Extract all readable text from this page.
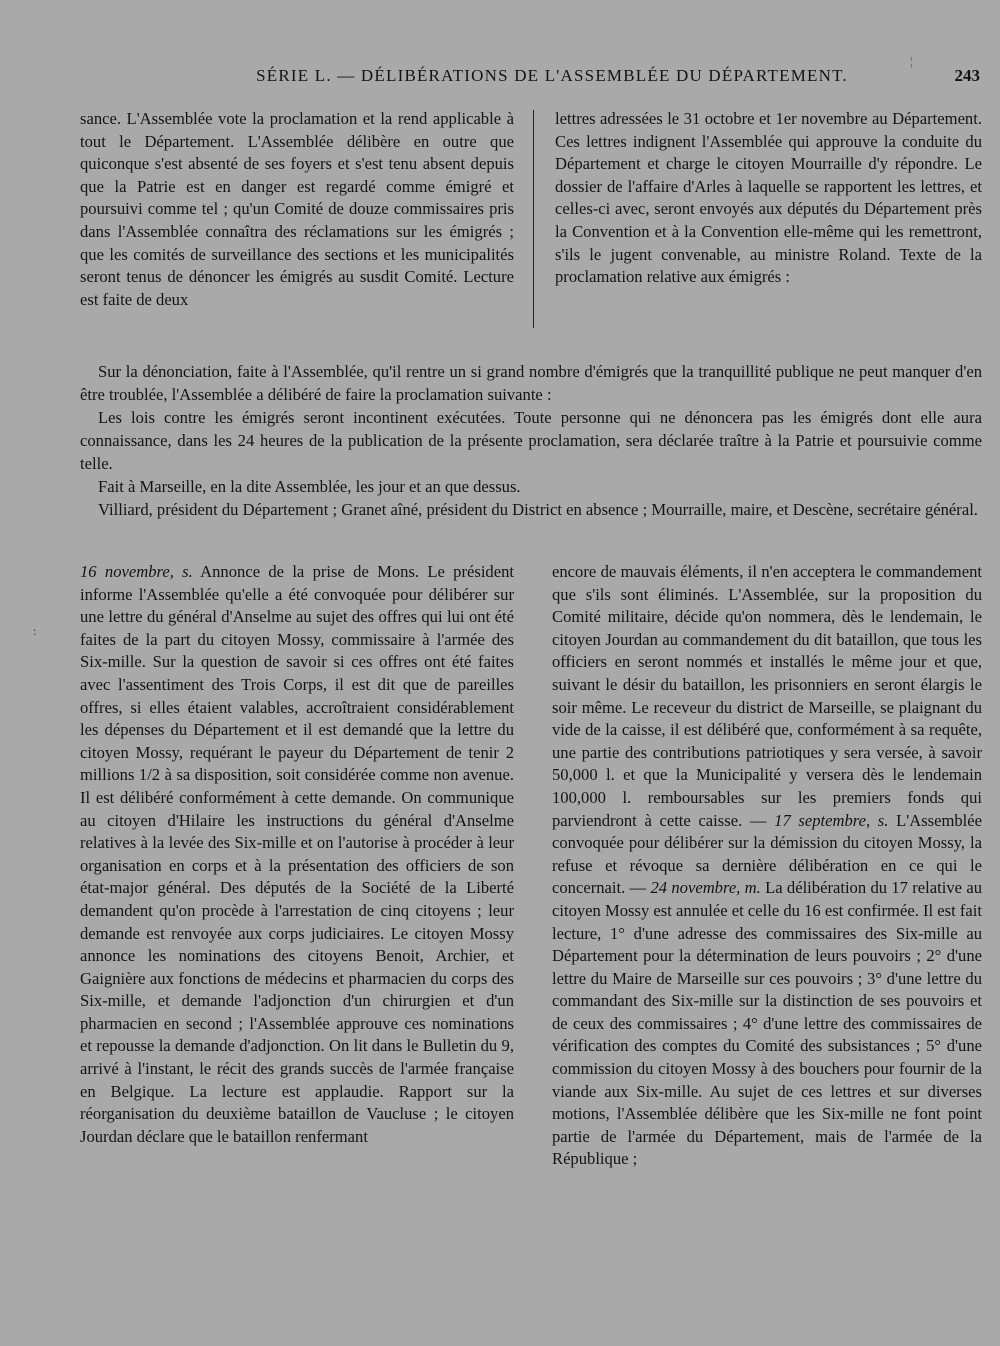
SÉRIE L. — DÉLIBÉRATIONS DE L'ASSEMBLÉE DU DÉPARTEMENT.	243
¦

sance. L'Assemblée vote la proclamation et la rend applicable à tout le Département. L'Assemblée délibère en outre que quiconque s'est absenté de ses foyers et s'est tenu absent depuis que la Patrie est en danger est regardé comme émigré et poursuivi comme tel ; qu'un Comité de douze commissaires pris dans l'Assemblée connaîtra des réclamations sur les émigrés ; que les comités de surveillance des sections et les municipalités seront tenus de dénoncer les émigrés au susdit Comité. Lecture est faite de deux

lettres adressées le 31 octobre et 1er novembre au Département. Ces lettres indignent l'Assemblée qui approuve la conduite du Département et charge le citoyen Mourraille d'y répondre. Le dossier de l'affaire d'Arles à laquelle se rapportent les lettres, et celles-ci avec, seront envoyés aux députés du Département près la Convention et à la Convention elle-même qui les remettront, s'ils le jugent convenable, au ministre Roland. Texte de la proclamation relative aux émigrés :

Sur la dénonciation, faite à l'Assemblée, qu'il rentre un si grand nombre d'émigrés que la tranquillité publique ne peut manquer d'en être troublée, l'Assemblée a délibéré de faire la proclamation suivante :

Les lois contre les émigrés seront incontinent exécutées. Toute personne qui ne dénoncera pas les émigrés dont elle aura connaissance, dans les 24 heures de la publication de la présente proclamation, sera déclarée traître à la Patrie et poursuivie comme telle.

Fait à Marseille, en la dite Assemblée, les jour et an que dessus.

Villiard, président du Département ; Granet aîné, président du District en absence ; Mourraille, maire, et Descène, secrétaire général.

:

16 novembre, s. Annonce de la prise de Mons. Le président informe l'Assemblée qu'elle a été convoquée pour délibérer sur une lettre du général d'Anselme au sujet des offres qui lui ont été faites de la part du citoyen Mossy, commissaire à l'armée des Six-mille. Sur la question de savoir si ces offres ont été faites avec l'assentiment des Trois Corps, il est dit que de pareilles offres, si elles étaient valables, accroîtraient considérablement les dépenses du Département et il est demandé que la lettre du citoyen Mossy, requérant le payeur du Département de tenir 2 millions 1/2 à sa disposition, soit considérée comme non avenue. Il est délibéré conformément à cette demande. On communique au citoyen d'Hilaire les instructions du général d'Anselme relatives à la levée des Six-mille et on l'autorise à procéder à leur organisation en corps et à la présentation des officiers de son état-major général. Des députés de la Société de la Liberté demandent qu'on procède à l'arrestation de cinq citoyens ; leur demande est renvoyée aux corps judiciaires. Le citoyen Mossy annonce les nominations des citoyens Benoit, Archier, et Gaignière aux fonctions de médecins et pharmacien du corps des Six-mille, et demande l'adjonction d'un chirurgien et d'un pharmacien en second ; l'Assemblée approuve ces nominations et repousse la demande d'adjonction. On lit dans le Bulletin du 9, arrivé à l'instant, le récit des grands succès de l'armée française en Belgique. La lecture est applaudie. Rapport sur la réorganisation du deuxième bataillon de Vaucluse ; le citoyen Jourdan déclare que le bataillon renfermant

encore de mauvais éléments, il n'en acceptera le commandement que s'ils sont éliminés. L'Assemblée, sur la proposition du Comité militaire, décide qu'on nommera, dès le lendemain, le citoyen Jourdan au commandement du dit bataillon, que tous les officiers en seront nommés et installés le même jour et que, suivant le désir du bataillon, les prisonniers en seront élargis le soir même. Le receveur du district de Marseille, se plaignant du vide de la caisse, il est délibéré que, conformément à sa requête, une partie des contributions patriotiques y sera versée, à savoir 50,000 l. et que la Municipalité y versera dès le lendemain 100,000 l. remboursables sur les premiers fonds qui parviendront à cette caisse. — 17 septembre, s. L'Assemblée convoquée pour délibérer sur la démission du citoyen Mossy, la refuse et révoque sa dernière délibération en ce qui le concernait. — 24 novembre, m. La délibération du 17 relative au citoyen Mossy est annulée et celle du 16 est confirmée. Il est fait lecture, 1° d'une adresse des commissaires des Six-mille au Département pour la détermination de leurs pouvoirs ; 2° d'une lettre du Maire de Marseille sur ces pouvoirs ; 3° d'une lettre du commandant des Six-mille sur la distinction de ses pouvoirs et de ceux des commissaires ; 4° d'une lettre des commissaires de vérification des comptes du Comité des subsistances ; 5° d'une commission du citoyen Mossy à des bouchers pour fournir de la viande aux Six-mille. Au sujet de ces lettres et sur diverses motions, l'Assemblée délibère que les Six-mille ne font point partie de l'armée du Département, mais de l'armée de la République ;
